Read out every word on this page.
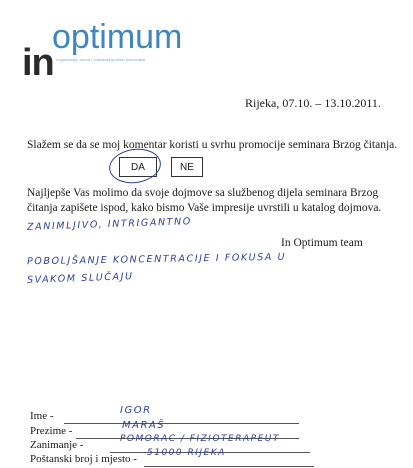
optimum
in organizacija, razvoj i edukacija ljudskih potencijala
Rijeka, 07.10. – 13.10.2011.
Slažem se da se moj komentar koristi u svrhu promocije seminara Brzog čitanja.
DA	NE
Najljepše Vas molimo da svoje dojmove sa službenog dijela seminara Brzog čitanja zapišete ispod, kako bismo Vaše impresije uvrstili u katalog dojmova.
ZANIMLJIVO, INTRIGANTNO
In Optimum team
POBOLJŠANJE KONCENTRACIJE I FOKUSA U
SVAKOM SLUČAJU
Ime -	IGOR
Prezime -	MARAŠ
Zanimanje -	POMORAC / FIZIOTERAPEUT
Poštanski broj i mjesto - 51000 RIJEKA
